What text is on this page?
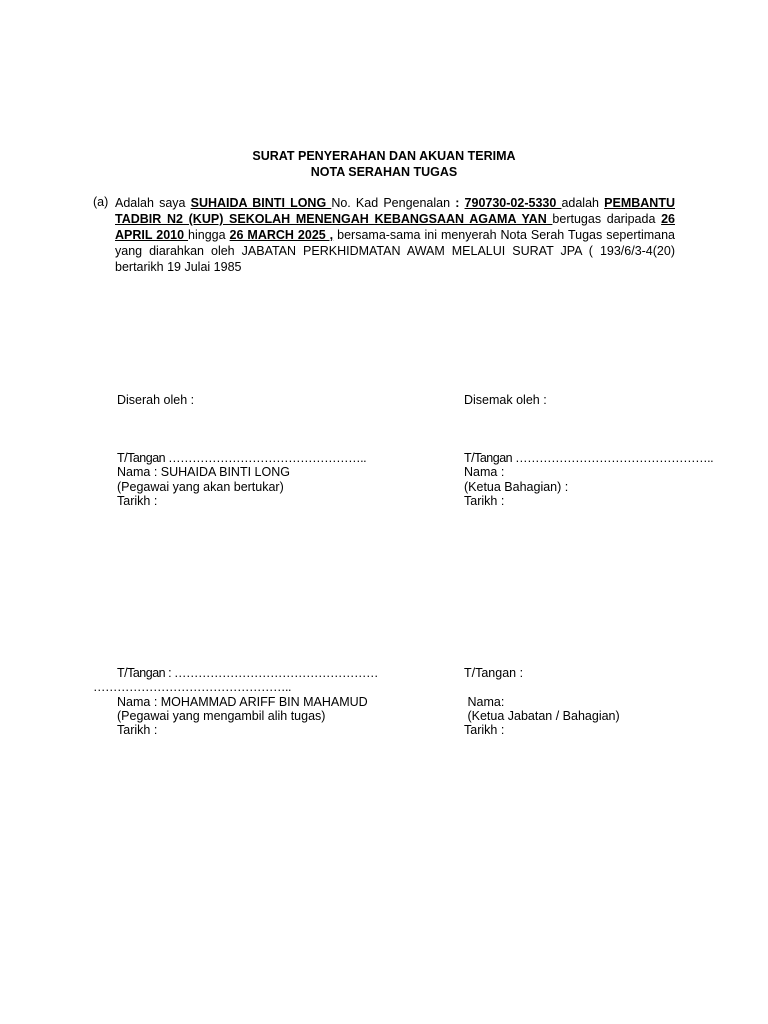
SURAT PENYERAHAN DAN AKUAN TERIMA
NOTA SERAHAN TUGAS
(a) Adalah saya SUHAIDA BINTI LONG No. Kad Pengenalan : 790730-02-5330 adalah PEMBANTU TADBIR N2 (KUP) SEKOLAH MENENGAH KEBANGSAAN AGAMA YAN bertugas daripada 26 APRIL 2010 hingga 26 MARCH 2025 , bersama-sama ini menyerah Nota Serah Tugas sepertimana yang diarahkan oleh JABATAN PERKHIDMATAN AWAM MELALUI SURAT JPA ( 193/6/3-4(20) bertarikh 19 Julai 1985
Diserah oleh :
T/Tangan …………………………………………..
Nama : SUHAIDA BINTI LONG
(Pegawai yang akan bertukar)
Tarikh :
Disemak oleh :
T/Tangan …………………………………………..
Nama :
(Ketua Bahagian) :
Tarikh :
T/Tangan : ……………………………………………
…………………………………………..
Nama : MOHAMMAD ARIFF BIN MAHAMUD
(Pegawai yang mengambil alih tugas)
Tarikh :
T/Tangan :
Nama:
(Ketua Jabatan / Bahagian)
Tarikh :
